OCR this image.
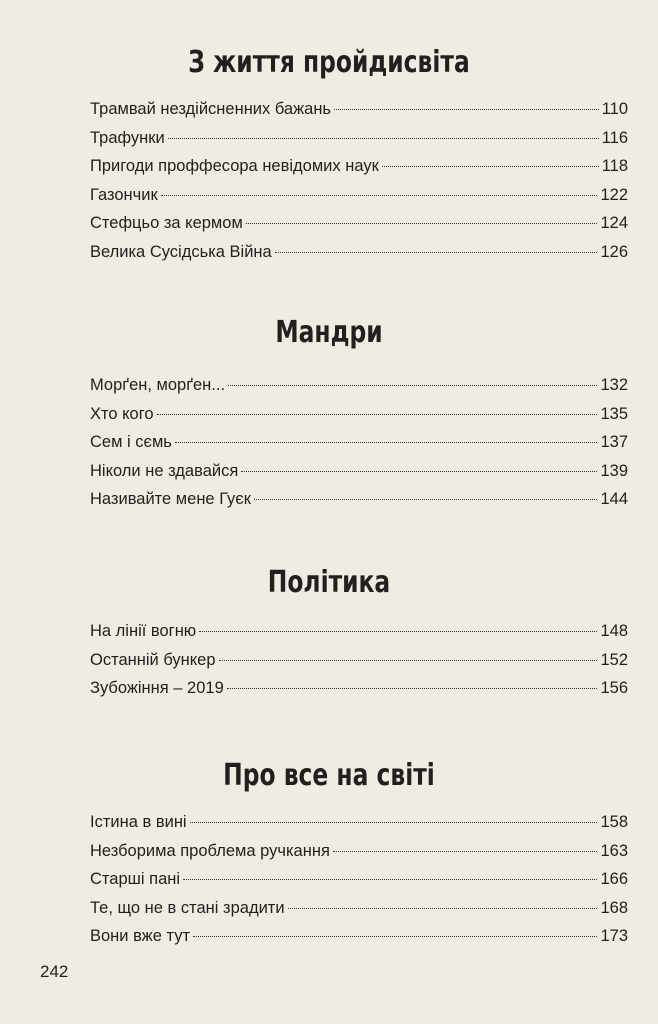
З життя пройдисвіта
Трамвай нездійсненних бажань	110
Трафунки	116
Пригоди проффесора невідомих наук	118
Газончик	122
Стефцьо за кермом	124
Велика Сусідська Війна	126
Мандри
Морґен, морґен...	132
Хто кого	135
Сем і сємь	137
Ніколи не здавайся	139
Називайте мене Гуєк	144
Політика
На лінії вогню	148
Останній бункер	152
Зубожіння – 2019	156
Про все на світі
Істина в вині	158
Незборима проблема ручкання	163
Старші пані	166
Те, що не в стані зрадити	168
Вони вже тут	173
242
